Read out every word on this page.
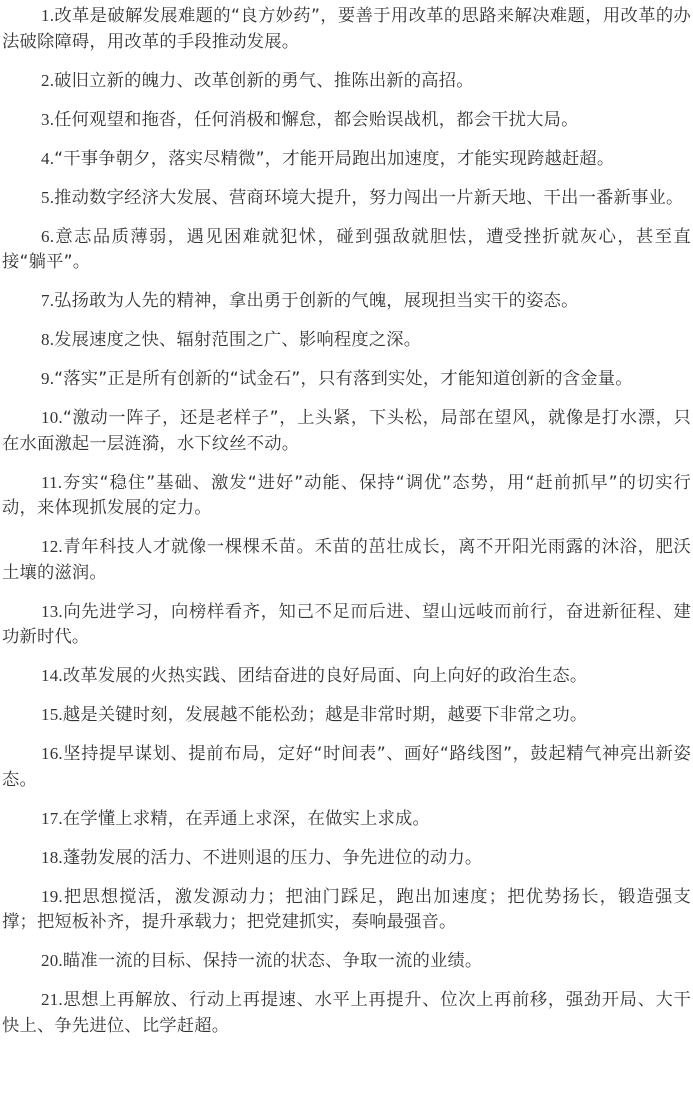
1.改革是破解发展难题的“良方妙药”，要善于用改革的思路来解决难题，用改革的办法破除障碍，用改革的手段推动发展。

2.破旧立新的魄力、改革创新的勇气、推陈出新的高招。

3.任何观望和拖沓，任何消极和懈怠，都会贻误战机，都会干扰大局。

4.“干事争朝夕，落实尽精微”，才能开局跑出加速度，才能实现跨越赶超。

5.推动数字经济大发展、营商环境大提升，努力闯出一片新天地、干出一番新事业。

6.意志品质薄弱，遇见困难就犯怵，碰到强敌就胆怯，遭受挫折就灰心，甚至直接“躺平”。

7.弘扬敢为人先的精神，拿出勇于创新的气魄，展现担当实干的姿态。

8.发展速度之快、辐射范围之广、影响程度之深。

9.“落实”正是所有创新的“试金石”，只有落到实处，才能知道创新的含金量。

10.“激动一阵子，还是老样子”，上头紧，下头松，局部在望风，就像是打水漂，只在水面激起一层涟漪，水下纹丝不动。

11.夯实“稳住”基础、激发“进好”动能、保持“调优”态势，用“赶前抓早”的切实行动，来体现抓发展的定力。

12.青年科技人才就像一棵棵禾苗。禾苗的茁壮成长，离不开阳光雨露的沐浴，肥沃土壤的滋润。

13.向先进学习，向榜样看齐，知己不足而后进、望山远岐而前行，奋进新征程、建功新时代。

14.改革发展的火热实践、团结奋进的良好局面、向上向好的政治生态。

15.越是关键时刻，发展越不能松劲；越是非常时期，越要下非常之功。

16.坚持提早谋划、提前布局，定好“时间表”、画好“路线图”，鼓起精气神亮出新姿态。

17.在学懂上求精，在弄通上求深，在做实上求成。

18.蓬勃发展的活力、不进则退的压力、争先进位的动力。

19.把思想搅活，激发源动力；把油门踩足，跑出加速度；把优势扬长，锻造强支撑；把短板补齐，提升承载力；把党建抓实，奏响最强音。

20.瞄准一流的目标、保持一流的状态、争取一流的业绩。

21.思想上再解放、行动上再提速、水平上再提升、位次上再前移，强劲开局、大干快上、争先进位、比学赶超。
